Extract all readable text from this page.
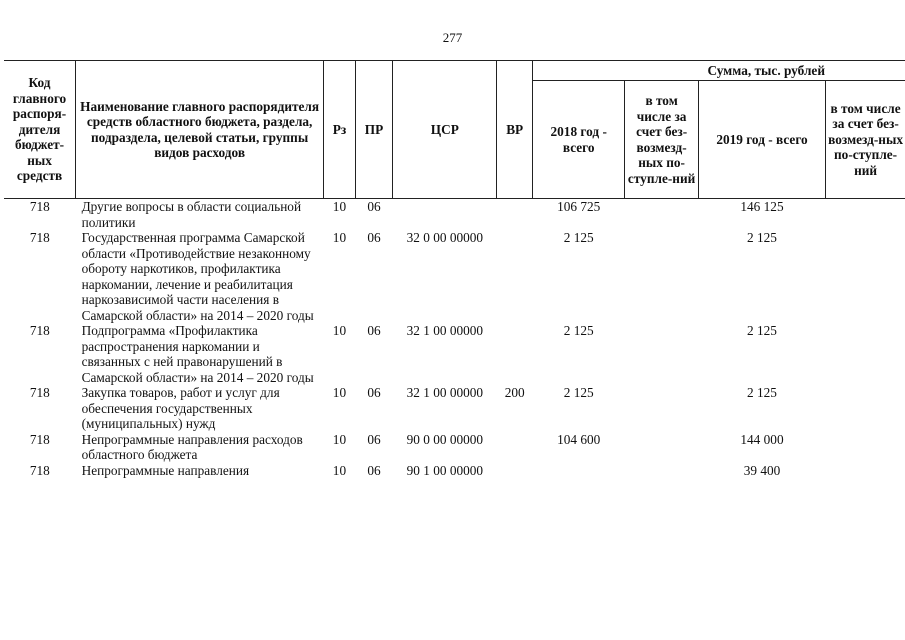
277
Код главного распоря-дителя бюджет-ных средств	Наименование главного распорядителя средств областного бюджета, раздела, подраздела, целевой статьи, группы видов расходов	Рз	ПР	ЦСР	ВР	Сумма, тыс. рублей			
						2018 год - всего	в том числе за счет без-возмезд-ных по-ступле-ний	2019 год - всего	в том числе за счет без-возмезд-ных по-ступле-ний
718	Другие вопросы в области социальной политики	10	06			106 725		146 125	
718	Государственная программа Самарской области «Противодействие незаконному обороту наркотиков, профилактика наркомании, лечение и реабилитация наркозависимой части населения в Самарской области» на 2014 – 2020 годы	10	06	32 0 00 00000		2 125		2 125	
718	Подпрограмма «Профилактика распространения наркомании и связанных с ней правонарушений в Самарской области» на 2014 – 2020 годы	10	06	32 1 00 00000		2 125		2 125	
718	Закупка товаров, работ и услуг для обеспечения государственных (муниципальных) нужд	10	06	32 1 00 00000	200	2 125		2 125	
718	Непрограммные направления расходов областного бюджета	10	06	90 0 00 00000		104 600		144 000	
718	Непрограммные направления	10	06	90 1 00 00000				39 400	
